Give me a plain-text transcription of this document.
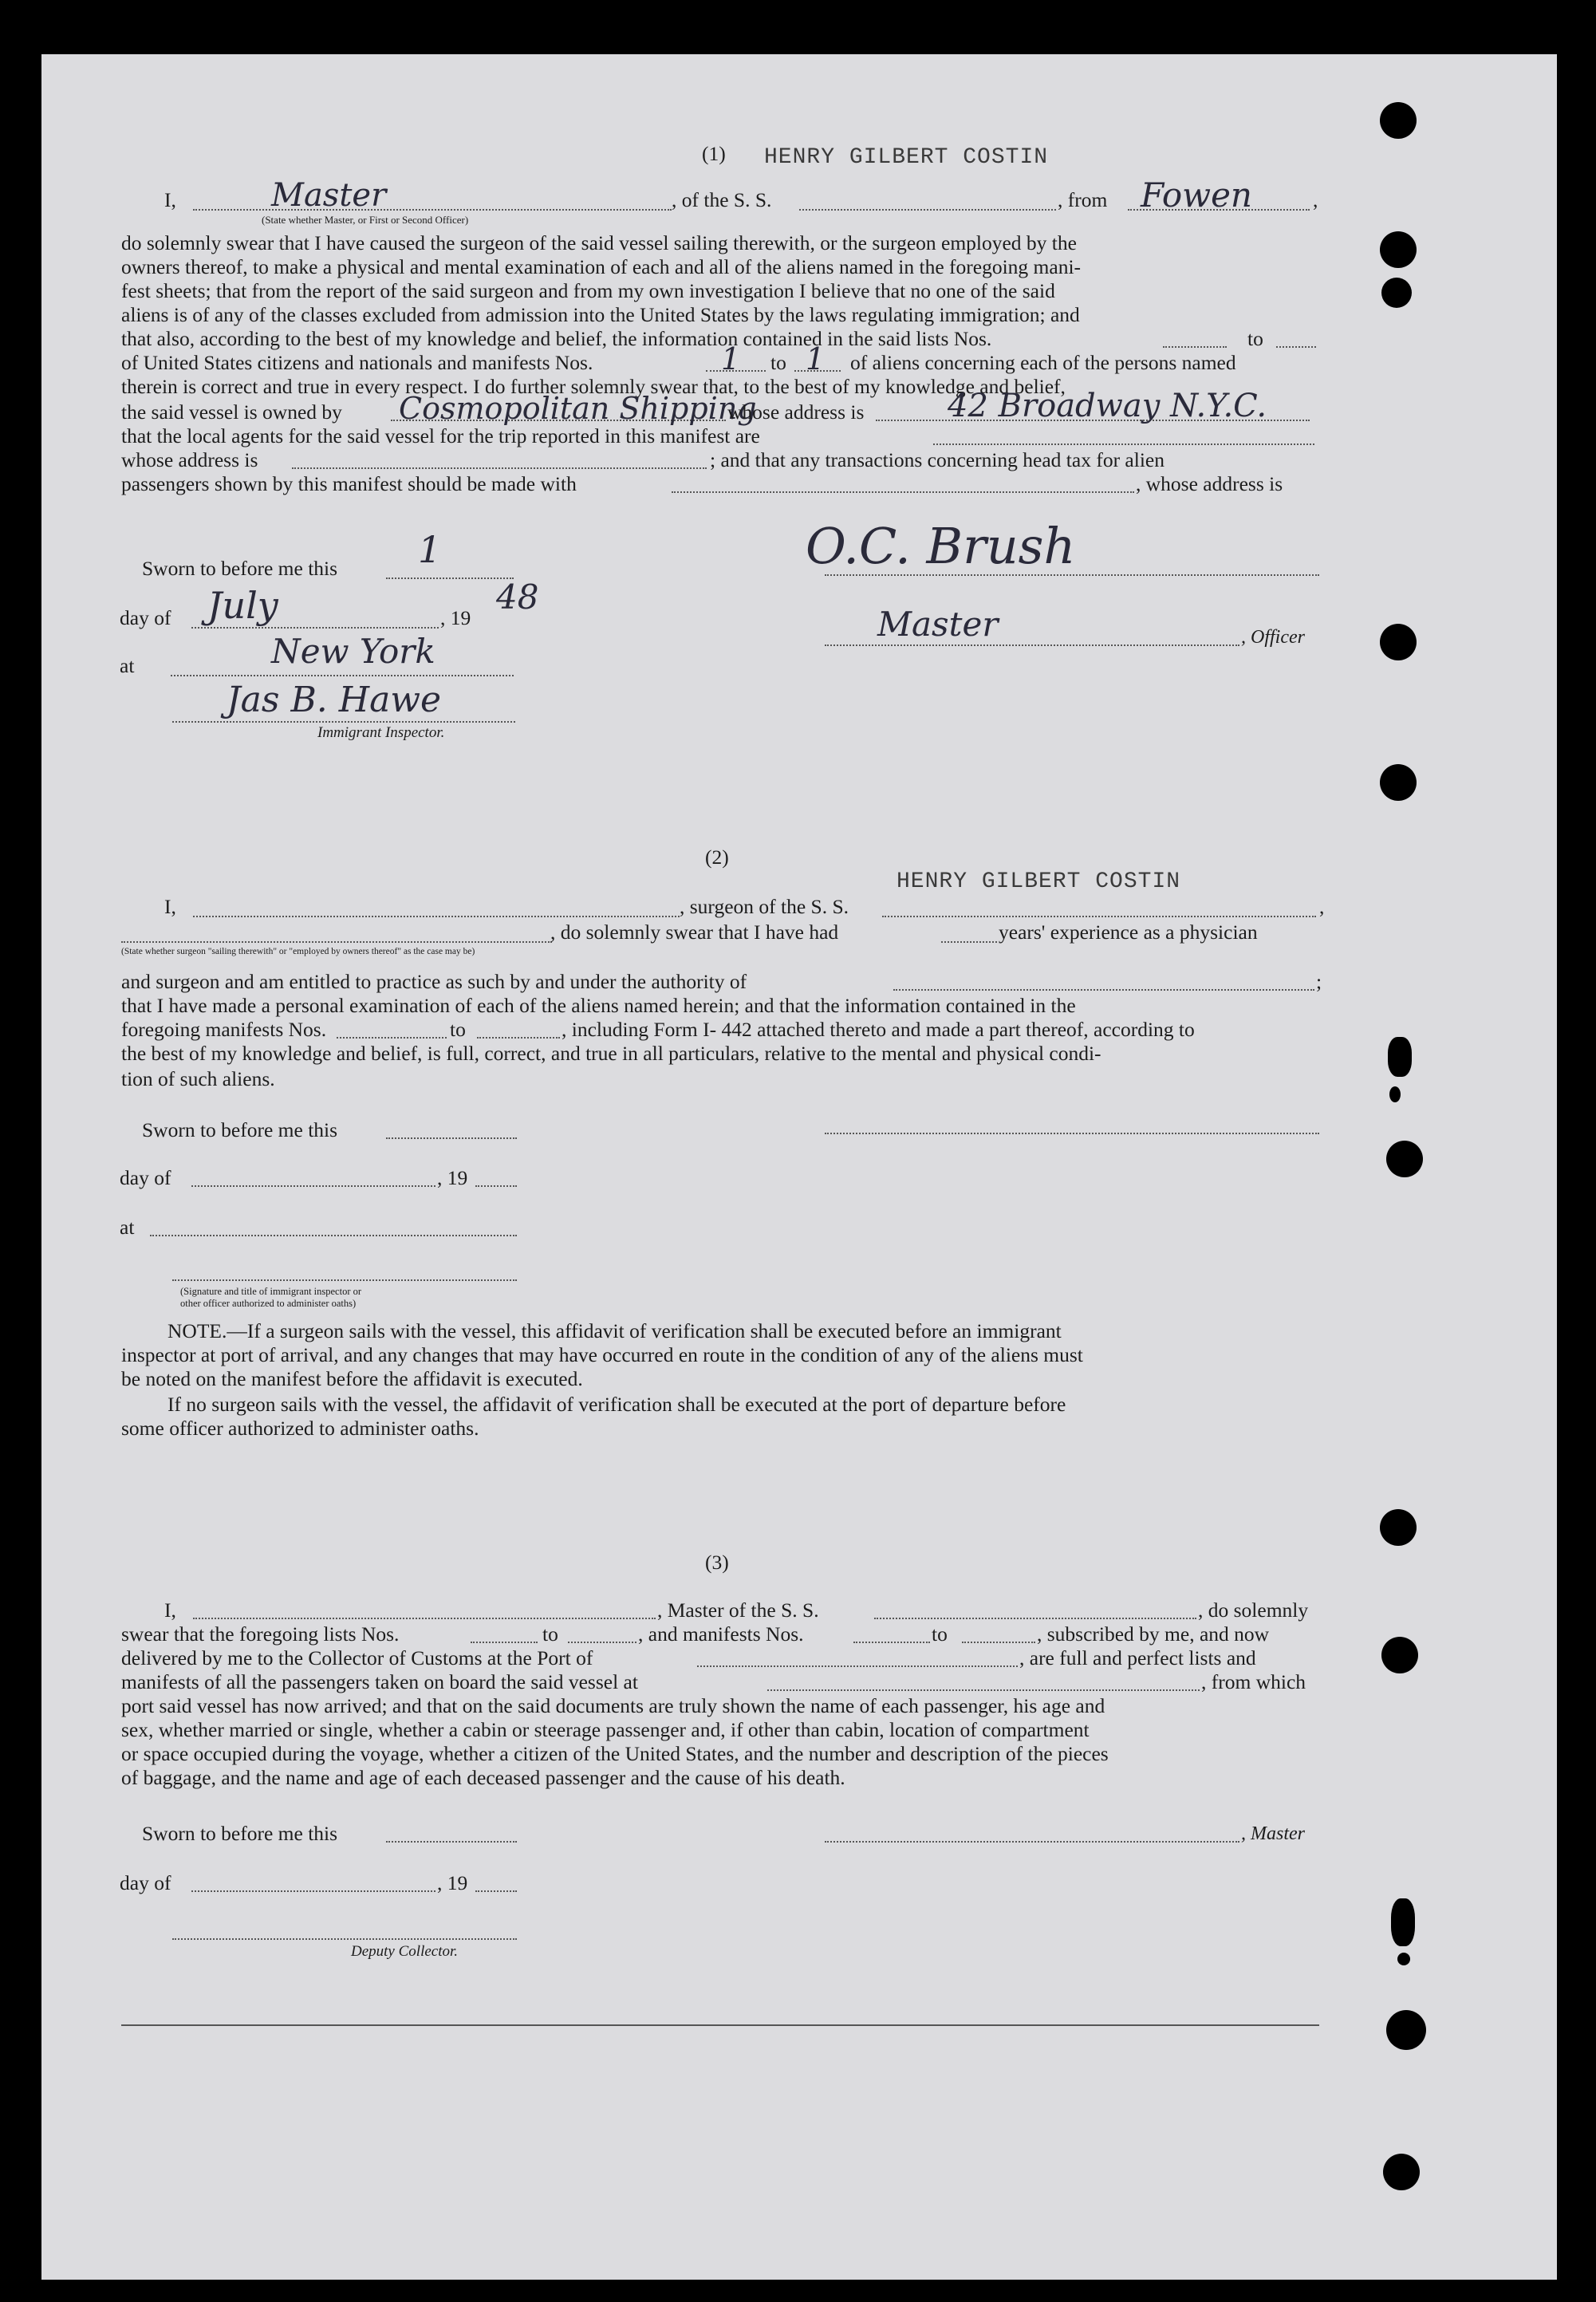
(1) HENRY GILBERT COSTIN
I,	Master	, of the S. S.	, from Fowen	,
(State whether Master, or First or Second Officer)
do solemnly swear that I have caused the surgeon of the said vessel sailing therewith, or the surgeon employed by the
owners thereof, to make a physical and mental examination of each and all of the aliens named in the foregoing mani-
fest sheets; that from the report of the said surgeon and from my own investigation I believe that no one of the said
aliens is of any of the classes excluded from admission into the United States by the laws regulating immigration; and
that also, according to the best of my knowledge and belief, the information contained in the said lists Nos.	to
of United States citizens and nationals and manifests Nos.	1 to 1 of aliens concerning each of the persons named
therein is correct and true in every respect. I do further solemnly swear that, to the best of my knowledge and belief,
the said vessel is owned by Cosmopolitan Shipping
whose address is	42 Broadway N.Y.C.
that the local agents for the said vessel for the trip reported in this manifest are
whose address is	; and that any transactions concerning head tax for alien
passengers shown by this manifest should be made with	, whose address is
Sworn to before me this 1
day of July	, 19
48
at	New York
Jas B. Hawe
Immigrant Inspector.
O.C. Brush
Master	, Officer
(2)
I,	, surgeon of the S. S.
HENRY GILBERT COSTIN
,
, do solemnly swear that I have had	years' experience as a physician
(State whether surgeon "sailing therewith" or "employed by owners thereof" as the case may be)
and surgeon and am entitled to practice as such by and under the authority of	;
that I have made a personal examination of each of the aliens named herein; and that the information contained in the
foregoing manifests Nos.	to	, including Form I- 442 attached thereto and made a part thereof, according to
the best of my knowledge and belief, is full, correct, and true in all particulars, relative to the mental and physical condi-
tion of such aliens.
Sworn to before me this
day of	, 19
at
(Signature and title of immigrant inspector or
other officer authorized to administer oaths)
NOTE.—If a surgeon sails with the vessel, this affidavit of verification shall be executed before an immigrant
inspector at port of arrival, and any changes that may have occurred en route in the condition of any of the aliens must
be noted on the manifest before the affidavit is executed.
If no surgeon sails with the vessel, the affidavit of verification shall be executed at the port of departure before
some officer authorized to administer oaths.
(3)
I,	, Master of the S. S.	, do solemnly
swear that the foregoing lists Nos.	to	, and manifests Nos.	to	, subscribed by me, and now
delivered by me to the Collector of Customs at the Port of	, are full and perfect lists and
manifests of all the passengers taken on board the said vessel at	, from which
port said vessel has now arrived; and that on the said documents are truly shown the name of each passenger, his age and
sex, whether married or single, whether a cabin or steerage passenger and, if other than cabin, location of compartment
or space occupied during the voyage, whether a citizen of the United States, and the number and description of the pieces
of baggage, and the name and age of each deceased passenger and the cause of his death.
Sworn to before me this	, Master
day of	, 19
Deputy Collector.
